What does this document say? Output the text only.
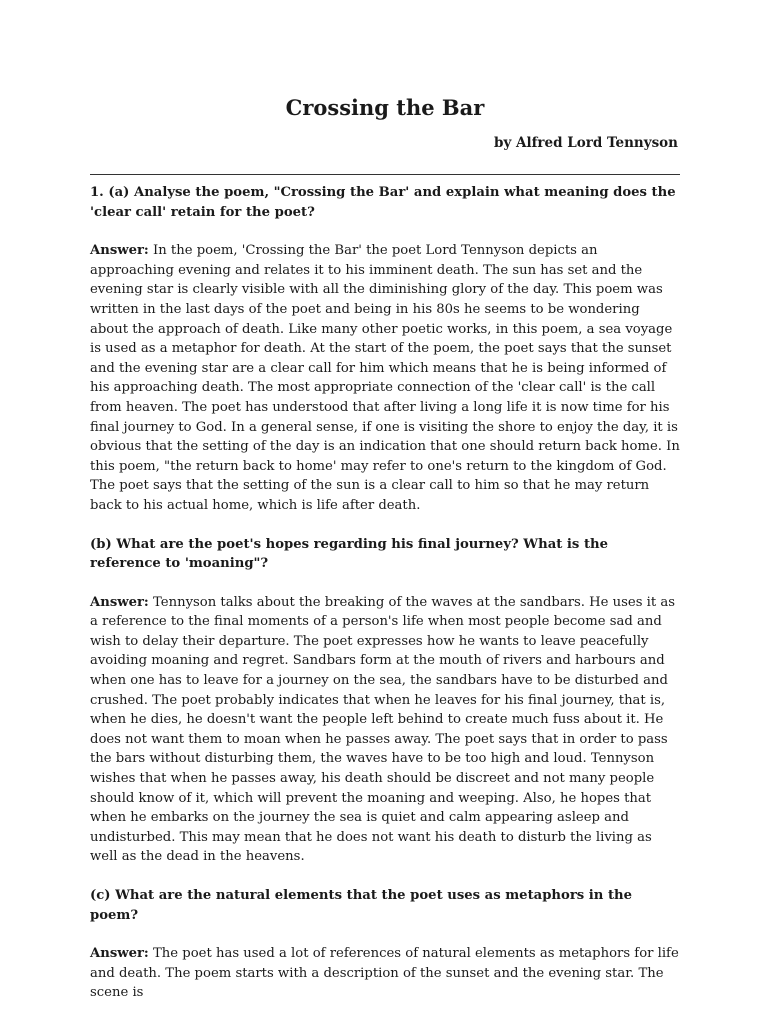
Crossing the Bar
by Alfred Lord Tennyson

1. (a) Analyse the poem, "Crossing the Bar' and explain what meaning does the 'clear call' retain for the poet?

Answer: In the poem, 'Crossing the Bar' the poet Lord Tennyson depicts an approaching evening and relates it to his imminent death. The sun has set and the evening star is clearly visible with all the diminishing glory of the day. This poem was written in the last days of the poet and being in his 80s he seems to be wondering about the approach of death. Like many other poetic works, in this poem, a sea voyage is used as a metaphor for death. At the start of the poem, the poet says that the sunset and the evening star are a clear call for him which means that he is being informed of his approaching death. The most appropriate connection of the 'clear call' is the call from heaven. The poet has understood that after living a long life it is now time for his final journey to God. In a general sense, if one is visiting the shore to enjoy the day, it is obvious that the setting of the day is an indication that one should return back home. In this poem, "the return back to home' may refer to one's return to the kingdom of God. The poet says that the setting of the sun is a clear call to him so that he may return back to his actual home, which is life after death.

(b) What are the poet's hopes regarding his final journey? What is the reference to 'moaning"?

Answer: Tennyson talks about the breaking of the waves at the sandbars. He uses it as a reference to the final moments of a person's life when most people become sad and wish to delay their departure. The poet expresses how he wants to leave peacefully avoiding moaning and regret. Sandbars form at the mouth of rivers and harbours and when one has to leave for a journey on the sea, the sandbars have to be disturbed and crushed. The poet probably indicates that when he leaves for his final journey, that is, when he dies, he doesn't want the people left behind to create much fuss about it. He does not want them to moan when he passes away. The poet says that in order to pass the bars without disturbing them, the waves have to be too high and loud. Tennyson wishes that when he passes away, his death should be discreet and not many people should know of it, which will prevent the moaning and weeping. Also, he hopes that when he embarks on the journey the sea is quiet and calm appearing asleep and undisturbed. This may mean that he does not want his death to disturb the living as well as the dead in the heavens.

(c) What are the natural elements that the poet uses as metaphors in the poem?

Answer: The poet has used a lot of references of natural elements as metaphors for life and death. The poem starts with a description of the sunset and the evening star. The scene is
